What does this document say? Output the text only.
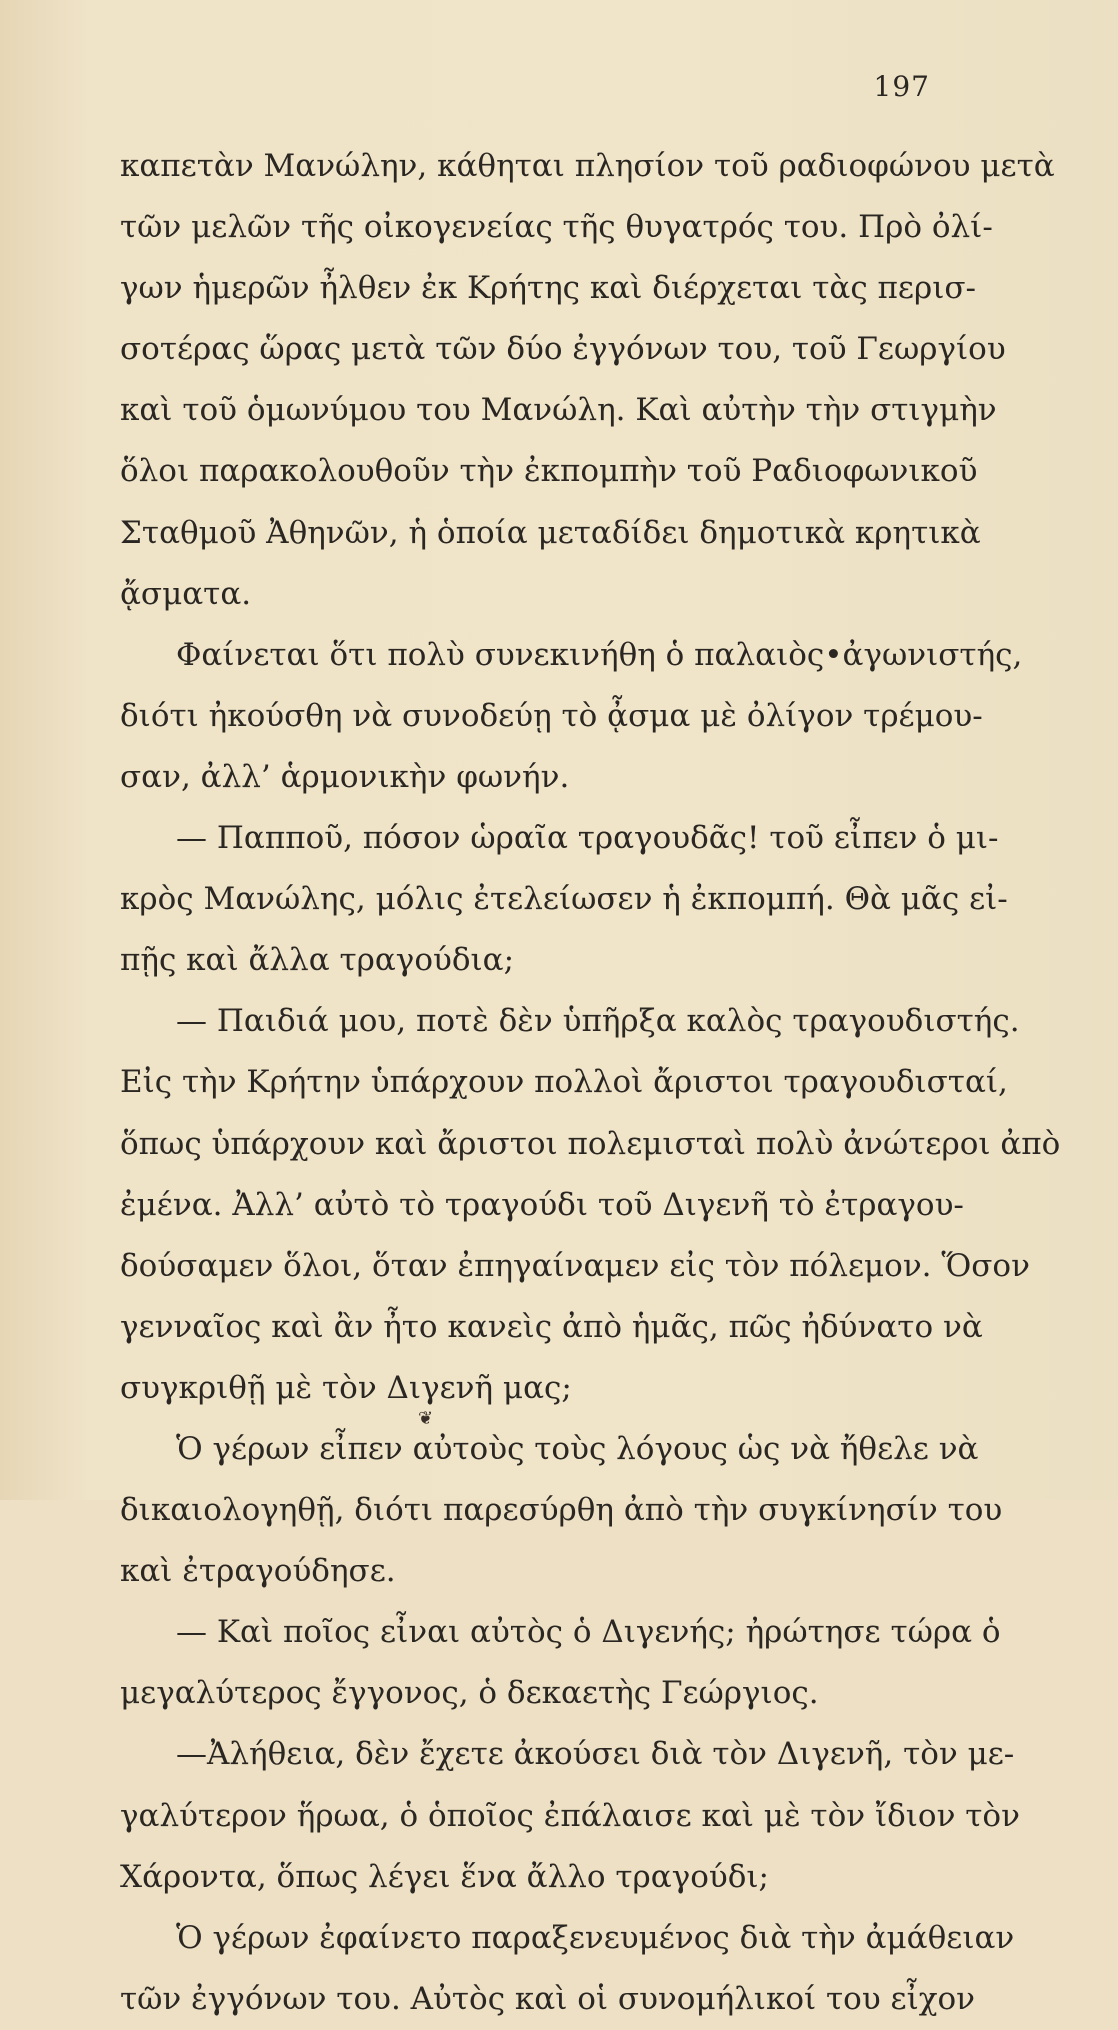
197
καπετὰν Μανώλην, κάθηται πλησίον τοῦ ραδιοφώνου μετὰ
τῶν μελῶν τῆς οἰκογενείας τῆς θυγατρός του. Πρὸ ὀλί-
γων ἡμερῶν ἦλθεν ἐκ Κρήτης καὶ διέρχεται τὰς περισ-
σοτέρας ὥρας μετὰ τῶν δύο ἐγγόνων του, τοῦ Γεωργίου
καὶ τοῦ ὁμωνύμου του Μανώλη. Καὶ αὐτὴν τὴν στιγμὴν
ὅλοι παρακολουθοῦν τὴν ἐκπομπὴν τοῦ Ραδιοφωνικοῦ
Σταθμοῦ Ἀθηνῶν, ἡ ὁποία μεταδίδει δημοτικὰ κρητικὰ
ᾄσματα.
Φαίνεται ὅτι πολὺ συνεκινήθη ὁ παλαιὸς•ἀγωνιστής,
διότι ἠκούσθη νὰ συνοδεύῃ τὸ ᾆσμα μὲ ὀλίγον τρέμου-
σαν, ἀλλ’ ἁρμονικὴν φωνήν.
— Παπποῦ, πόσον ὡραῖα τραγουδᾶς! τοῦ εἶπεν ὁ μι-
κρὸς Μανώλης, μόλις ἐτελείωσεν ἡ ἐκπομπή. Θὰ μᾶς εἰ-
πῇς καὶ ἄλλα τραγούδια;
— Παιδιά μου, ποτὲ δὲν ὑπῆρξα καλὸς τραγουδιστής.
Εἰς τὴν Κρήτην ὑπάρχουν πολλοὶ ἄριστοι τραγουδισταί,
ὅπως ὑπάρχουν καὶ ἄριστοι πολεμισταὶ πολὺ ἀνώτεροι ἀπὸ
ἐμένα. Ἀλλ’ αὐτὸ τὸ τραγούδι τοῦ Διγενῆ τὸ ἐτραγου-
δούσαμεν ὅλοι, ὅταν ἐπηγαίναμεν εἰς τὸν πόλεμον. Ὅσον
γενναῖος καὶ ἂν ἦτο κανεὶς ἀπὸ ἡμᾶς, πῶς ἠδύνατο νὰ
συγκριθῇ μὲ τὸν Διγενῆ μας;
Ὁ γέρων εἶπεν αὐτοὺς τοὺς λόγους ὡς νὰ ἤθελε νὰ
δικαιολογηθῇ, διότι παρεσύρθη ἀπὸ τὴν συγκίνησίν του
καὶ ἐτραγούδησε.
— Καὶ ποῖος εἶναι αὐτὸς ὁ Διγενής; ἠρώτησε τώρα ὁ
μεγαλύτερος ἔγγονος, ὁ δεκαετὴς Γεώργιος.
—Ἀλήθεια, δὲν ἔχετε ἀκούσει διὰ τὸν Διγενῆ, τὸν με-
γαλύτερον ἥρωα, ὁ ὁποῖος ἐπάλαισε καὶ μὲ τὸν ἴδιον τὸν
Χάροντα, ὅπως λέγει ἕνα ἄλλο τραγούδι;
Ὁ γέρων ἐφαίνετο παραξενευμένος διὰ τὴν ἀμάθειαν
τῶν ἐγγόνων του. Αὐτὸς καὶ οἱ συνομήλικοί του εἶχον
❦
